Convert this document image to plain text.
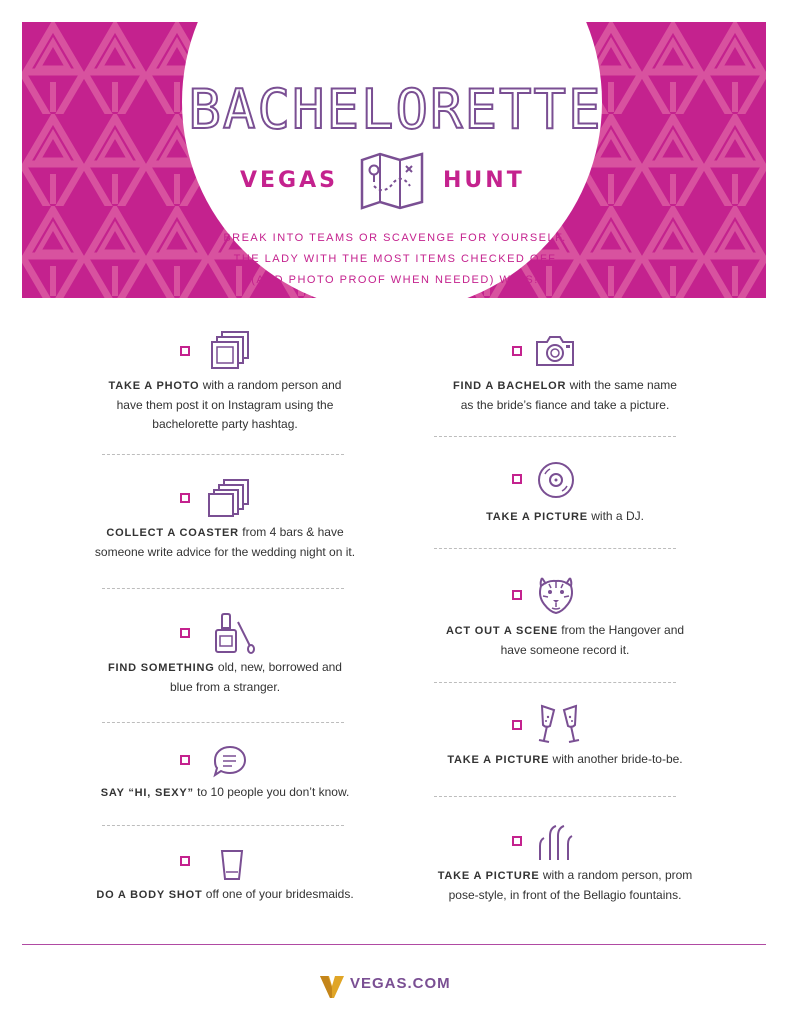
BACHELORETTE
VEGAS	HUNT
BREAK INTO TEAMS OR SCAVENGE FOR YOURSELF.
THE LADY WITH THE MOST ITEMS CHECKED OFF
(AND PHOTO PROOF WHEN NEEDED) WINS!
TAKE A PHOTO with a random person and
have them post it on Instagram using the
bachelorette party hashtag.
COLLECT A COASTER from 4 bars & have
someone write advice for the wedding night on it.
FIND SOMETHING old, new, borrowed and
blue from a stranger.
SAY “HI, SEXY” to 10 people you don’t know.
DO A BODY SHOT off one of your bridesmaids.
FIND A BACHELOR with the same name
as the bride’s fiance and take a picture.
TAKE A PICTURE with a DJ.
ACT OUT A SCENE from the Hangover and
have someone record it.
TAKE A PICTURE with another bride-to-be.
TAKE A PICTURE with a random person, prom
pose-style, in front of the Bellagio fountains.
VEGAS.COM
